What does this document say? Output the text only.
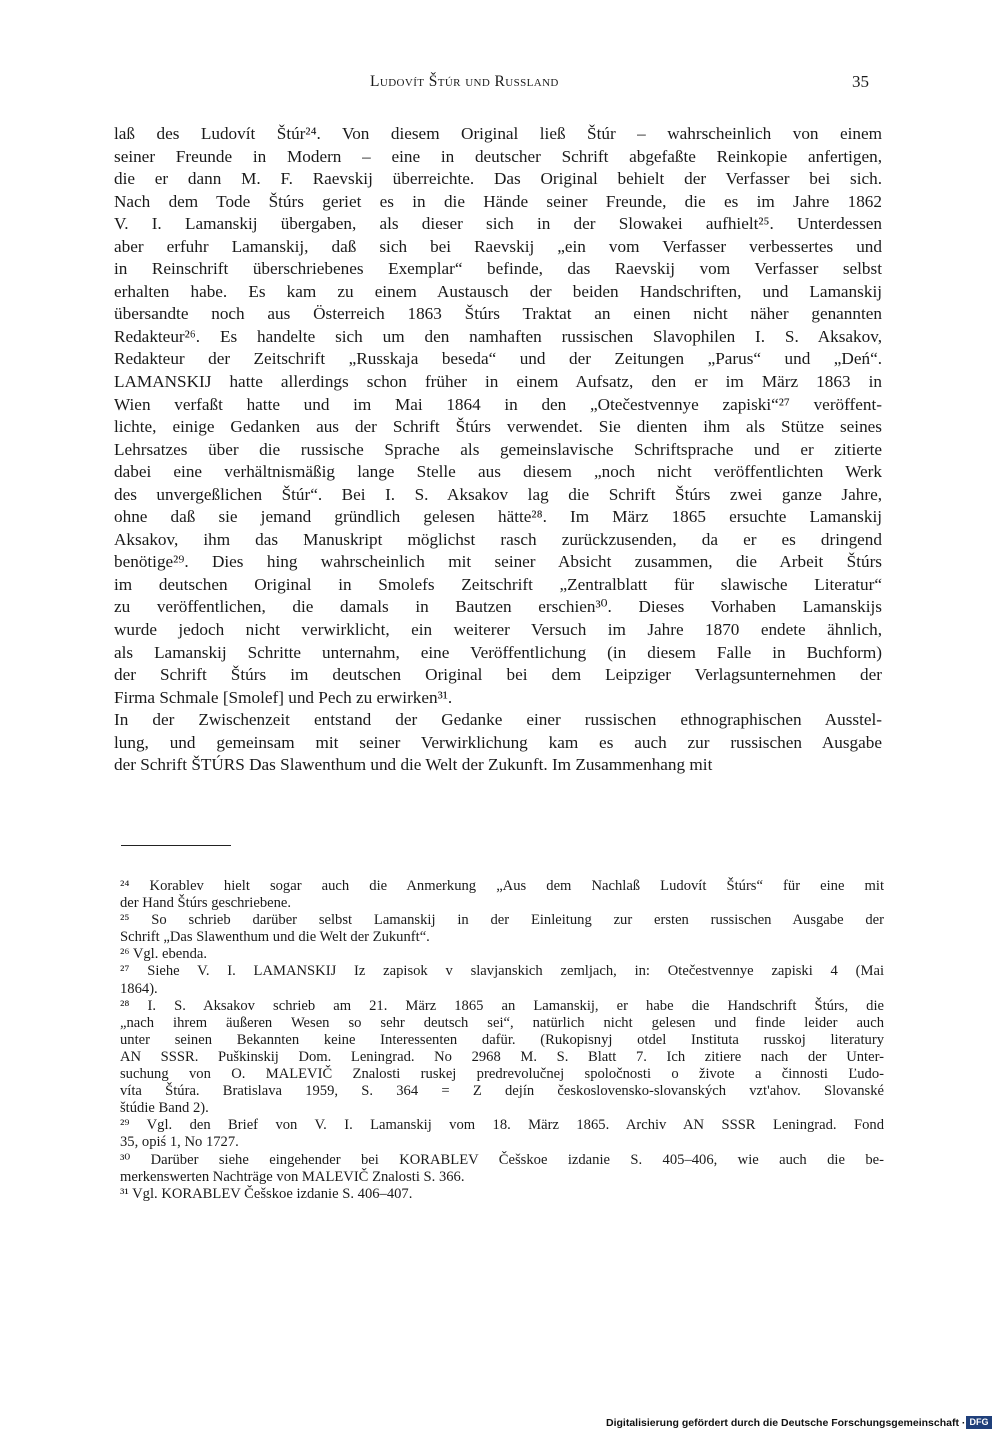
Ludovít Štúr und Russland	35
laß des Ludovít Štúr²⁴. Von diesem Original ließ Štúr – wahrscheinlich von einem
seiner Freunde in Modern – eine in deutscher Schrift abgefaßte Reinkopie anfertigen,
die er dann M. F. Raevskij überreichte. Das Original behielt der Verfasser bei sich.
Nach dem Tode Štúrs geriet es in die Hände seiner Freunde, die es im Jahre 1862
V. I. Lamanskij übergaben, als dieser sich in der Slowakei aufhielt²⁵. Unterdessen
aber erfuhr Lamanskij, daß sich bei Raevskij „ein vom Verfasser verbessertes und
in Reinschrift überschriebenes Exemplar“ befinde, das Raevskij vom Verfasser selbst
erhalten habe. Es kam zu einem Austausch der beiden Handschriften, und Lamanskij
übersandte noch aus Österreich 1863 Štúrs Traktat an einen nicht näher genannten
Redakteur²⁶. Es handelte sich um den namhaften russischen Slavophilen I. S. Aksakov,
Redakteur der Zeitschrift „Russkaja beseda“ und der Zeitungen „Parus“ und „Deń“.
LAMANSKIJ hatte allerdings schon früher in einem Aufsatz, den er im März 1863 in
Wien verfaßt hatte und im Mai 1864 in den „Otečestvennye zapiski“²⁷ veröffent-
lichte, einige Gedanken aus der Schrift Štúrs verwendet. Sie dienten ihm als Stütze seines
Lehrsatzes über die russische Sprache als gemeinslavische Schriftsprache und er zitierte
dabei eine verhältnismäßig lange Stelle aus diesem „noch nicht veröffentlichten Werk
des unvergeßlichen Štúr“. Bei I. S. Aksakov lag die Schrift Štúrs zwei ganze Jahre,
ohne daß sie jemand gründlich gelesen hätte²⁸. Im März 1865 ersuchte Lamanskij
Aksakov, ihm das Manuskript möglichst rasch zurückzusenden, da er es dringend
benötige²⁹. Dies hing wahrscheinlich mit seiner Absicht zusammen, die Arbeit Štúrs
im deutschen Original in Smolefs Zeitschrift „Zentralblatt für slawische Literatur“
zu veröffentlichen, die damals in Bautzen erschien³⁰. Dieses Vorhaben Lamanskijs
wurde jedoch nicht verwirklicht, ein weiterer Versuch im Jahre 1870 endete ähnlich,
als Lamanskij Schritte unternahm, eine Veröffentlichung (in diesem Falle in Buchform)
der Schrift Štúrs im deutschen Original bei dem Leipziger Verlagsunternehmen der
Firma Schmale [Smolef] und Pech zu erwirken³¹.
In der Zwischenzeit entstand der Gedanke einer russischen ethnographischen Ausstel-
lung, und gemeinsam mit seiner Verwirklichung kam es auch zur russischen Ausgabe
der Schrift ŠTÚRS Das Slawenthum und die Welt der Zukunft. Im Zusammenhang mit
²⁴ Korablev hielt sogar auch die Anmerkung „Aus dem Nachlaß Ludovít Štúrs“ für eine mit
der Hand Štúrs geschriebene.
²⁵ So schrieb darüber selbst Lamanskij in der Einleitung zur ersten russischen Ausgabe der
Schrift „Das Slawenthum und die Welt der Zukunft“.
²⁶ Vgl. ebenda.
²⁷ Siehe V. I. LAMANSKIJ Iz zapisok v slavjanskich zemljach, in: Otečestvennye zapiski 4 (Mai
1864).
²⁸ I. S. Aksakov schrieb am 21. März 1865 an Lamanskij, er habe die Handschrift Štúrs, die
„nach ihrem äußeren Wesen so sehr deutsch sei“, natürlich nicht gelesen und finde leider auch
unter seinen Bekannten keine Interessenten dafür. (Rukopisnyj otdel Instituta russkoj literatury
AN SSSR. Puškinskij Dom. Leningrad. No 2968 M. S. Blatt 7. Ich zitiere nach der Unter-
suchung von O. MALEVIČ Znalosti ruskej predrevolučnej spoločnosti o živote a činnosti Ľudo-
víta Štúra. Bratislava 1959, S. 364 = Z dejín československo-slovanských vzt'ahov. Slovanské
štúdie Band 2).
²⁹ Vgl. den Brief von V. I. Lamanskij vom 18. März 1865. Archiv AN SSSR Leningrad. Fond
35, opiś 1, No 1727.
³⁰ Darüber siehe eingehender bei KORABLEV Češskoe izdanie S. 405–406, wie auch die be-
merkenswerten Nachträge von MALEVIČ Znalosti S. 366.
³¹ Vgl. KORABLEV Češskoe izdanie S. 406–407.
Digitalisierung gefördert durch die Deutsche Forschungsgemeinschaft · DFG
